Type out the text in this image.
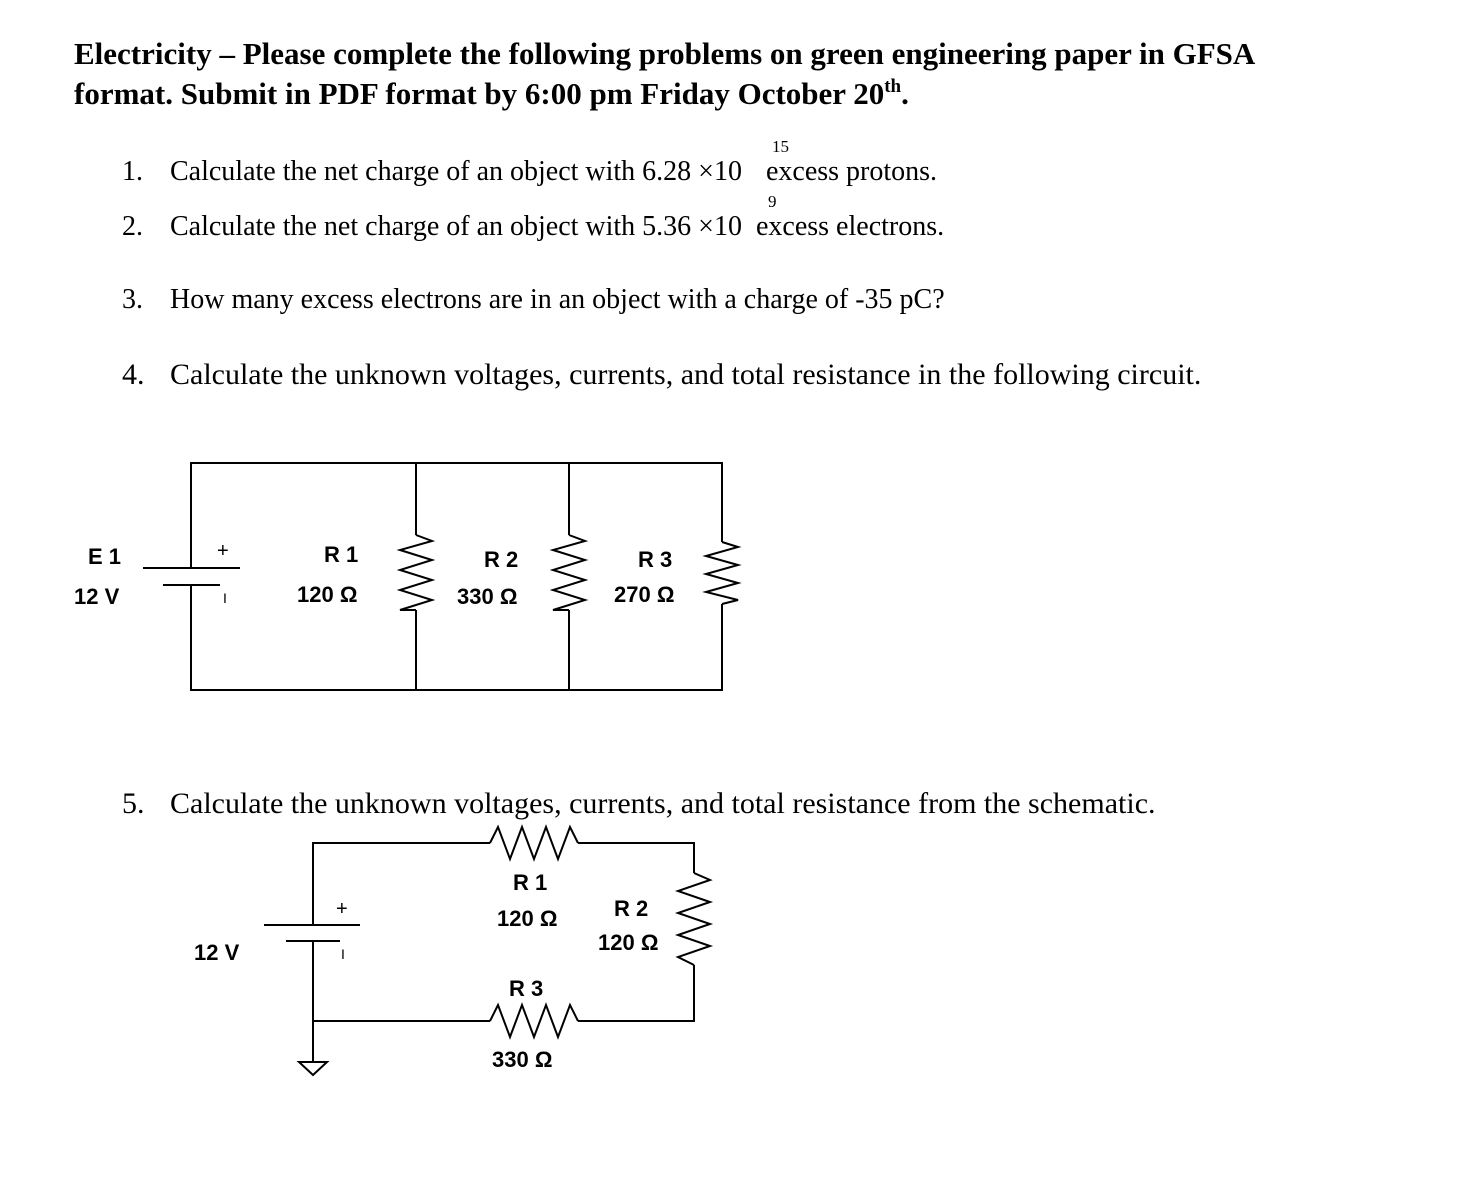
Electricity – Please complete the following problems on green engineering paper in GFSA
format. Submit in PDF format by 6:00 pm Friday October 20th.
15
1. Calculate the net charge of an object with 6.28 ×10 excess protons.
9
2. Calculate the net charge of an object with 5.36 ×10 excess electrons.
3. How many excess electrons are in an object with a charge of -35 pC?
4. Calculate the unknown voltages, currents, and total resistance in the following circuit.
5. Calculate the unknown voltages, currents, and total resistance from the schematic.
E 1
12 V
+
I
R 1
120 Ω
R 2
330 Ω
R 3
270 Ω
12 V
+
I
R 1
120 Ω	R 2
120 Ω
R 3
330 Ω
